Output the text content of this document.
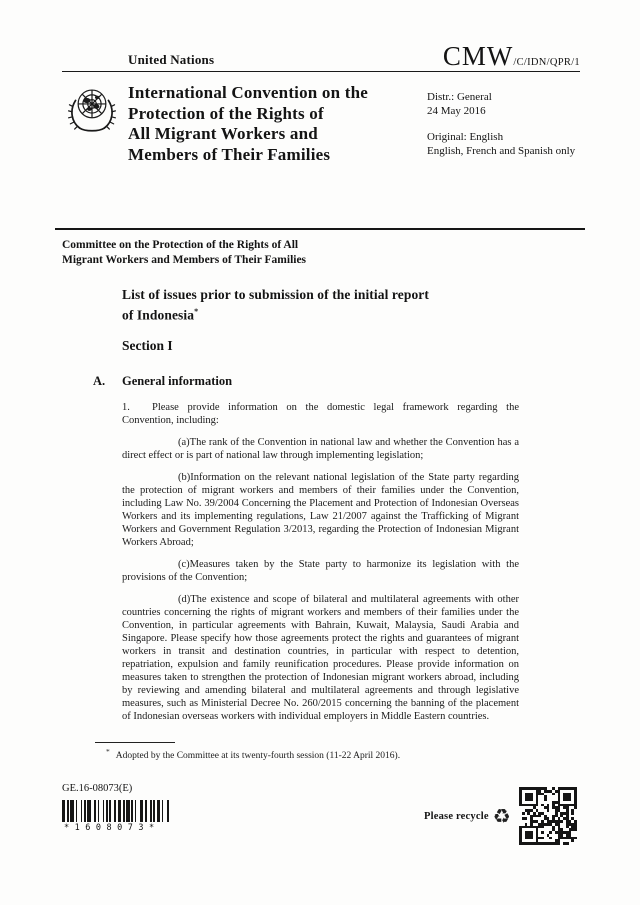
United Nations	CMW /C/IDN/QPR/1
International Convention on the
Protection of the Rights of
All Migrant Workers and
Members of Their Families
Distr.: General
24 May 2016
Original: English
English, French and Spanish only
Committee on the Protection of the Rights of All
Migrant Workers and Members of Their Families
List of issues prior to submission of the initial report
of Indonesia*
Section I
A.	General information

1. Please provide information on the domestic legal framework regarding the Convention, including:

(a)The rank of the Convention in national law and whether the Convention has a direct effect or is part of national law through implementing legislation;

(b)Information on the relevant national legislation of the State party regarding the protection of migrant workers and members of their families under the Convention, including Law No. 39/2004 Concerning the Placement and Protection of Indonesian Overseas Workers and its implementing regulations, Law 21/2007 against the Trafficking of Migrant Workers and Government Regulation 3/2013, regarding the Protection of Indonesian Migrant Workers Abroad;

(c)Measures taken by the State party to harmonize its legislation with the provisions of the Convention;

(d)The existence and scope of bilateral and multilateral agreements with other countries concerning the rights of migrant workers and members of their families under the Convention, in particular agreements with Bahrain, Kuwait, Malaysia, Saudi Arabia and Singapore. Please specify how those agreements protect the rights and guarantees of migrant workers in transit and destination countries, in particular with respect to detention, repatriation, expulsion and family reunification procedures. Please provide information on measures taken to strengthen the protection of Indonesian migrant workers abroad, including by reviewing and amending bilateral and multilateral agreements and through legislative measures, such as Ministerial Decree No. 260/2015 concerning the banning of the placement of Indonesian overseas workers with individual employers in Middle Eastern countries.

* Adopted by the Committee at its twenty-fourth session (11-22 April 2016).
GE.16-08073(E)
*1608073*
Please recycle ♻
